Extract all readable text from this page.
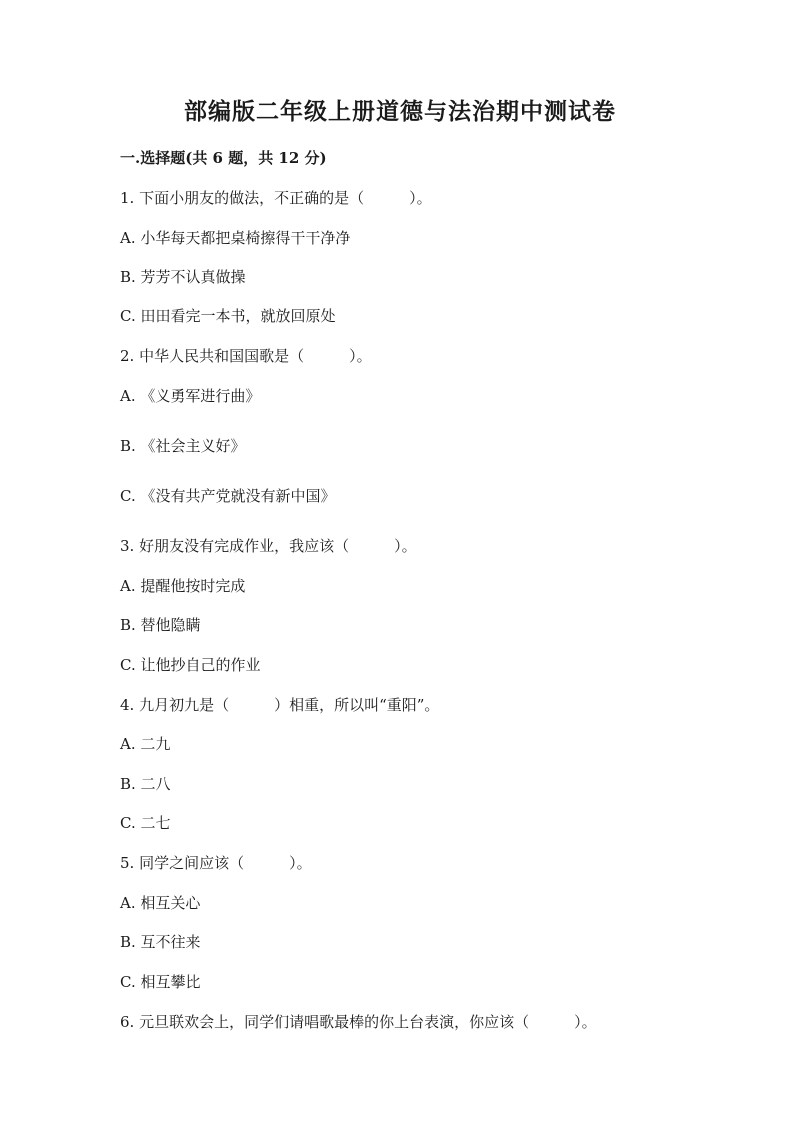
部编版二年级上册道德与法治期中测试卷
一.选择题(共 6 题，共 12 分)
1. 下面小朋友的做法，不正确的是（　　　）。
A. 小华每天都把桌椅擦得干干净净
B. 芳芳不认真做操
C. 田田看完一本书，就放回原处
2. 中华人民共和国国歌是（　　　）。
A. 《义勇军进行曲》
B. 《社会主义好》
C. 《没有共产党就没有新中国》
3. 好朋友没有完成作业，我应该（　　　）。
A. 提醒他按时完成
B. 替他隐瞒
C. 让他抄自己的作业
4. 九月初九是（　　　）相重，所以叫“重阳”。
A. 二九
B. 二八
C. 二七
5. 同学之间应该（　　　）。
A. 相互关心
B. 互不往来
C. 相互攀比
6. 元旦联欢会上，同学们请唱歌最棒的你上台表演，你应该（　　　）。
